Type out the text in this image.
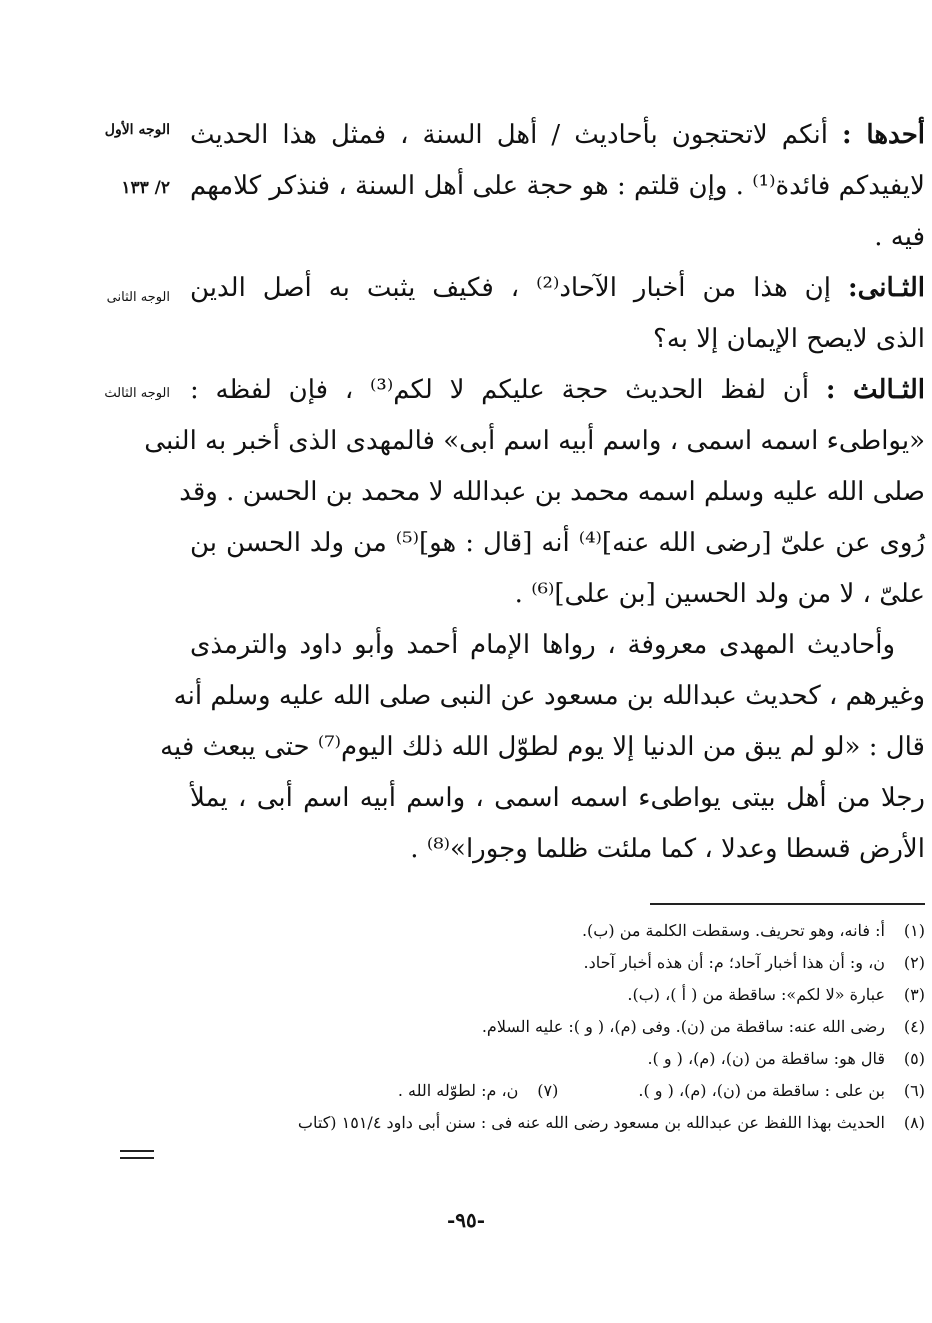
الوجه الأول
٢/ ١٣٣
الوجه الثانى
الوجه الثالث
أحدها : أنكم لاتحتجون بأحاديث / أهل السنة ، فمثل هذا الحديث
لايفيدكم فائدة⁽¹⁾ . وإن قلتم : هو حجة على أهل السنة ، فنذكر كلامهم
فيه .
الثـانى: إن هذا من أخبار الآحاد⁽²⁾ ، فكيف يثبت به أصل الدين
الذى لايصح الإيمان إلا به؟
الثـالث : أن لفظ الحديث حجة عليكم لا لكم⁽³⁾ ، فإن لفظه :
«يواطىء اسمه اسمى ، واسم أبيه اسم أبى» فالمهدى الذى أخبر به النبى
صلى الله عليه وسلم اسمه محمد بن عبدالله لا محمد بن الحسن . وقد
رُوى عن علىّ [رضى الله عنه]⁽⁴⁾ أنه [قال : هو]⁽⁵⁾ من ولد الحسن بن
علىّ ، لا من ولد الحسين [بن على]⁽⁶⁾ .
وأحاديث المهدى معروفة ، رواها الإمام أحمد وأبو داود والترمذى
وغيرهم ، كحديث عبدالله بن مسعود عن النبى صلى الله عليه وسلم أنه
قال : «لو لم يبق من الدنيا إلا يوم لطوّل الله ذلك اليوم⁽⁷⁾ حتى يبعث فيه
رجلا من أهل بيتى يواطىء اسمه اسمى ، واسم أبيه اسم أبى ، يملأ
الأرض قسطا وعدلا ، كما ملئت ظلما وجورا»⁽⁸⁾ .
(١)أ: فانه، وهو تحريف. وسقطت الكلمة من (ب).
(٢)ن، و: أن هذا أخبار آحاد؛ م: أن هذه أخبار آحاد.
(٣)عبارة «لا لكم»: ساقطة من ( أ )، (ب).
(٤)رضى الله عنه: ساقطة من (ن). وفى (م)، ( و ): عليه السلام.
(٥)قال هو: ساقطة من (ن)، (م)، ( و ).
(٦)بن على : ساقطة من (ن)، (م)، ( و ).(٧)ن، م: لطوّله الله .
(٨)الحديث بهذا اللفظ عن عبدالله بن مسعود رضى الله عنه فى : سنن أبى داود ١٥١/٤ (كتاب
-٩٥-
